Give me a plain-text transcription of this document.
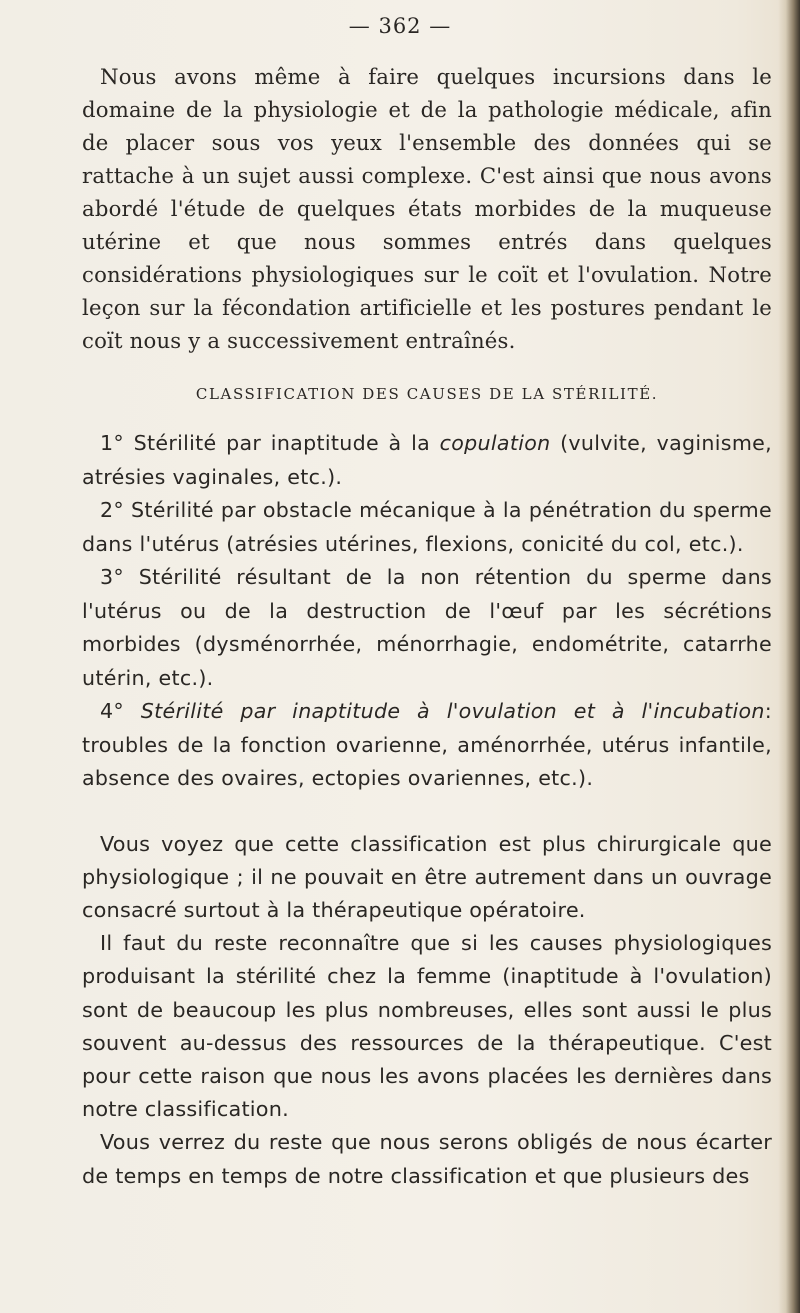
— 362 —

Nous avons même à faire quelques incursions dans le domaine de la physiologie et de la pathologie médicale, afin de placer sous vos yeux l'ensemble des données qui se rattache à un sujet aussi complexe. C'est ainsi que nous avons abordé l'étude de quelques états morbides de la muqueuse utérine et que nous sommes entrés dans quelques considérations physiologiques sur le coït et l'ovulation. Notre leçon sur la fécondation artificielle et les postures pendant le coït nous y a successivement entraînés.

CLASSIFICATION DES CAUSES DE LA STÉRILITÉ.

1° Stérilité par inaptitude à la copulation (vulvite, vaginisme, atrésies vaginales, etc.).

2° Stérilité par obstacle mécanique à la pénétration du sperme dans l'utérus (atrésies utérines, flexions, conicité du col, etc.).

3° Stérilité résultant de la non rétention du sperme dans l'utérus ou de la destruction de l'œuf par les sécrétions morbides (dysménorrhée, ménorrhagie, endométrite, catarrhe utérin, etc.).

4° Stérilité par inaptitude à l'ovulation et à l'incubation: troubles de la fonction ovarienne, aménorrhée, utérus infantile, absence des ovaires, ectopies ovariennes, etc.).

Vous voyez que cette classification est plus chirurgicale que physiologique ; il ne pouvait en être autrement dans un ouvrage consacré surtout à la thérapeutique opératoire.

Il faut du reste reconnaître que si les causes physiologiques produisant la stérilité chez la femme (inaptitude à l'ovulation) sont de beaucoup les plus nombreuses, elles sont aussi le plus souvent au-dessus des ressources de la thérapeutique. C'est pour cette raison que nous les avons placées les dernières dans notre classification.

Vous verrez du reste que nous serons obligés de nous écarter de temps en temps de notre classification et que plusieurs des
